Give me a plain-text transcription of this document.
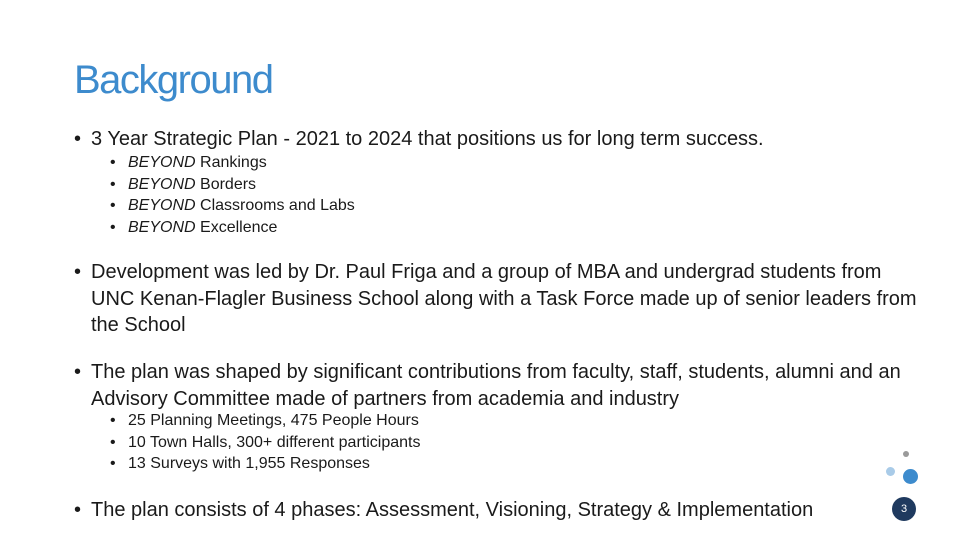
Background
• 3 Year Strategic Plan - 2021 to 2024 that positions us for long term success.
• BEYOND Rankings
• BEYOND Borders
• BEYOND Classrooms and Labs
• BEYOND Excellence
• Development was led by Dr. Paul Friga and a group of MBA and undergrad students from UNC Kenan-Flagler Business School along with a Task Force made up of senior leaders from the School
• The plan was shaped by significant contributions from faculty, staff, students, alumni and an Advisory Committee made of partners from academia and industry
• 25 Planning Meetings, 475 People Hours
• 10 Town Halls, 300+ different participants
• 13 Surveys with 1,955 Responses
• The plan consists of 4 phases: Assessment, Visioning, Strategy & Implementation	3
